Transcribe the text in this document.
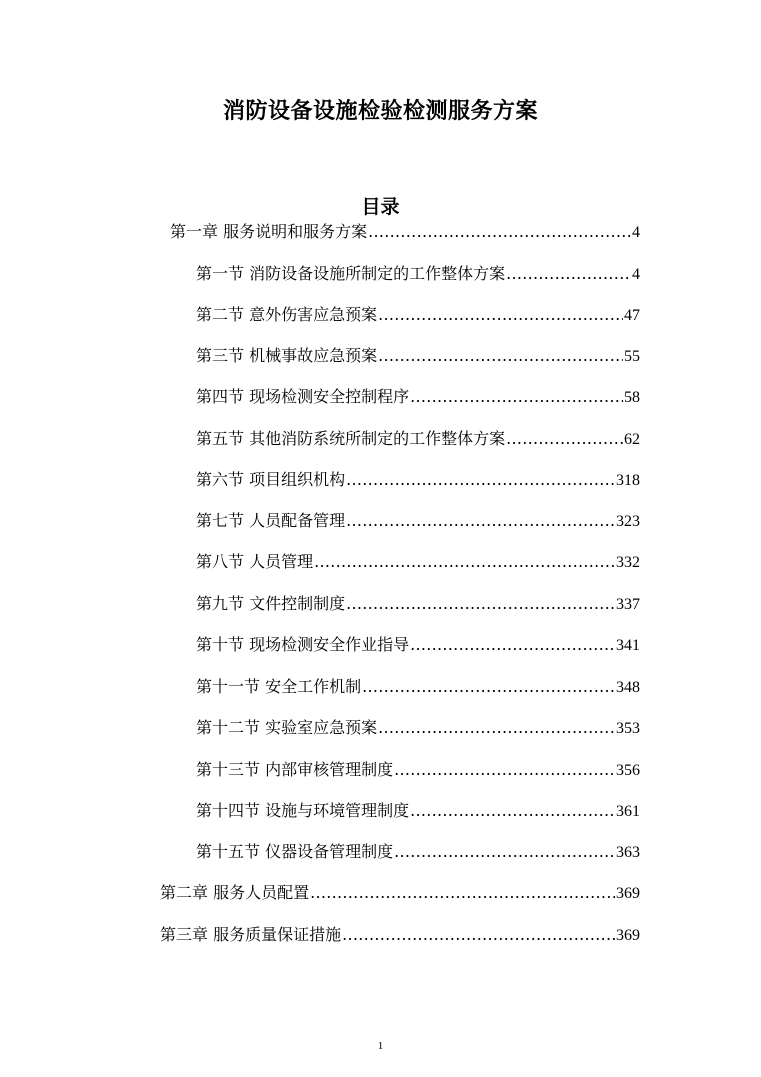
消防设备设施检验检测服务方案
目录
第一章 服务说明和服务方案 .....	4
第一节 消防设备设施所制定的工作整体方案 .....	4
第二节 意外伤害应急预案 .....	47
第三节 机械事故应急预案 .....	55
第四节 现场检测安全控制程序 .....	58
第五节 其他消防系统所制定的工作整体方案 .....	62
第六节 项目组织机构 .....	318
第七节 人员配备管理 .....	323
第八节 人员管理 .....	332
第九节 文件控制制度 .....	337
第十节 现场检测安全作业指导 .....	341
第十一节 安全工作机制 .....	348
第十二节 实验室应急预案 .....	353
第十三节 内部审核管理制度 .....	356
第十四节 设施与环境管理制度 .....	361
第十五节 仪器设备管理制度 .....	363
第二章 服务人员配置 .....	369
第三章 服务质量保证措施 .....	369
1
